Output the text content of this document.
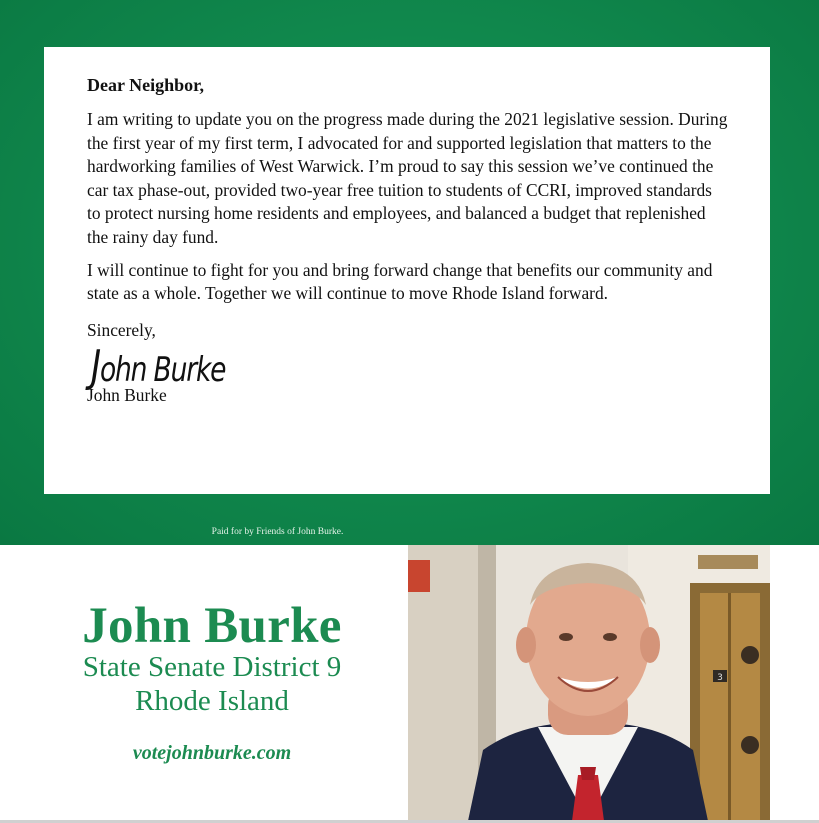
Dear Neighbor,

I am writing to update you on the progress made during the 2021 legislative session. During the first year of my first term, I advocated for and supported legislation that matters to the hardworking families of West Warwick. I’m proud to say this session we’ve continued the car tax phase-out, provided two-year free tuition to students of CCRI, improved standards to protect nursing home residents and employees, and balanced a budget that replenished the rainy day fund.

I will continue to fight for you and bring forward change that benefits our community and state as a whole. Together we will continue to move Rhode Island forward.

Sincerely,

John Burke

John Burke

Paid for by Friends of John Burke.
John Burke
State Senate District 9
Rhode Island
votejohnburke.com
3
